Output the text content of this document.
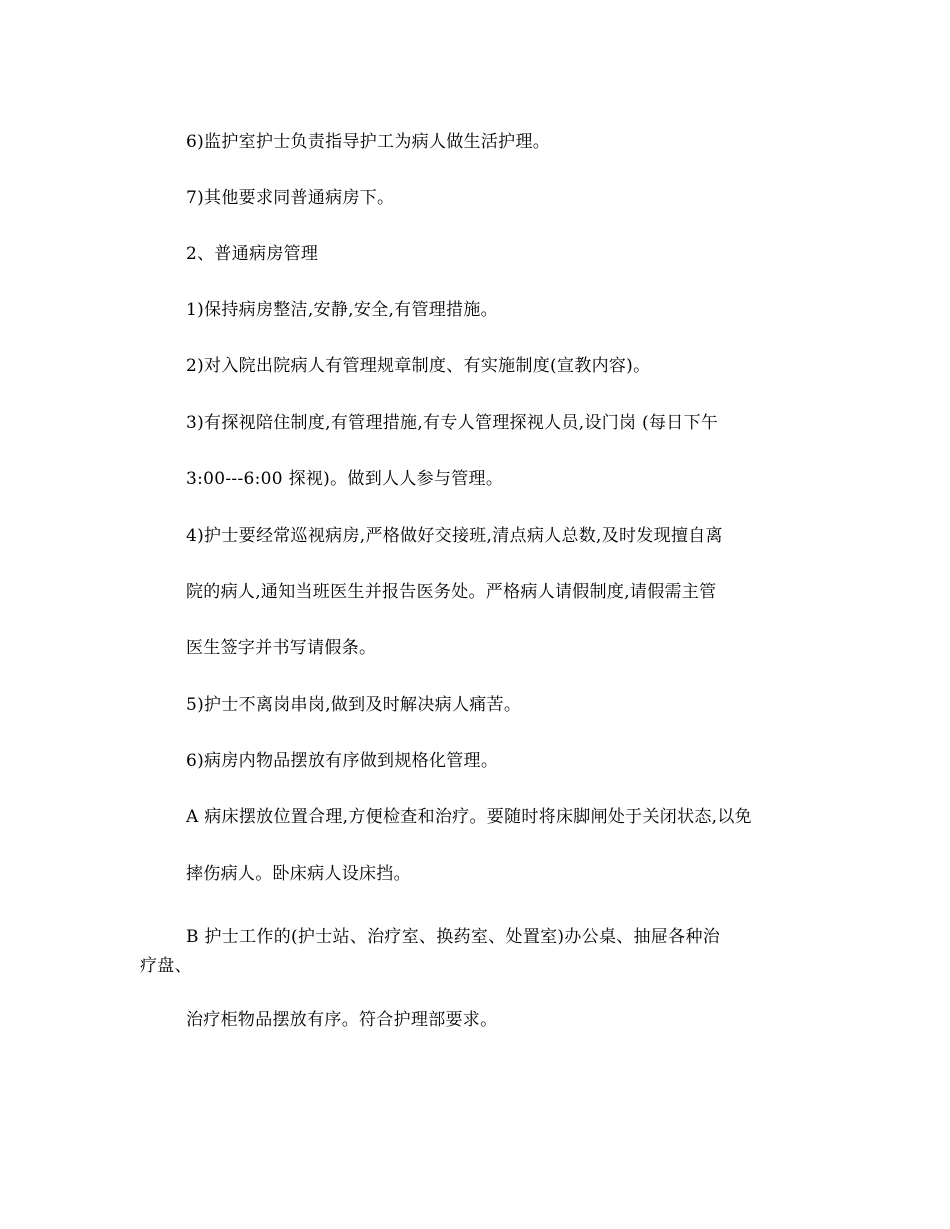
6)监护室护士负责指导护工为病人做生活护理。
7)其他要求同普通病房下。
2、普通病房管理
1)保持病房整洁,安静,安全,有管理措施。
2)对入院出院病人有管理规章制度、有实施制度(宣教内容)。
3)有探视陪住制度,有管理措施,有专人管理探视人员,设门岗 (每日下午
3:00---6:00 探视)。做到人人参与管理。
4)护士要经常巡视病房,严格做好交接班,清点病人总数,及时发现擅自离
院的病人,通知当班医生并报告医务处。严格病人请假制度,请假需主管
医生签字并书写请假条。
5)护士不离岗串岗,做到及时解决病人痛苦。
6)病房内物品摆放有序做到规格化管理。
A 病床摆放位置合理,方便检查和治疗。要随时将床脚闸处于关闭状态,以免
摔伤病人。卧床病人设床挡。
B 护士工作的(护士站、治疗室、换药室、处置室)办公桌、抽屉各种治
疗盘、
治疗柜物品摆放有序。符合护理部要求。
